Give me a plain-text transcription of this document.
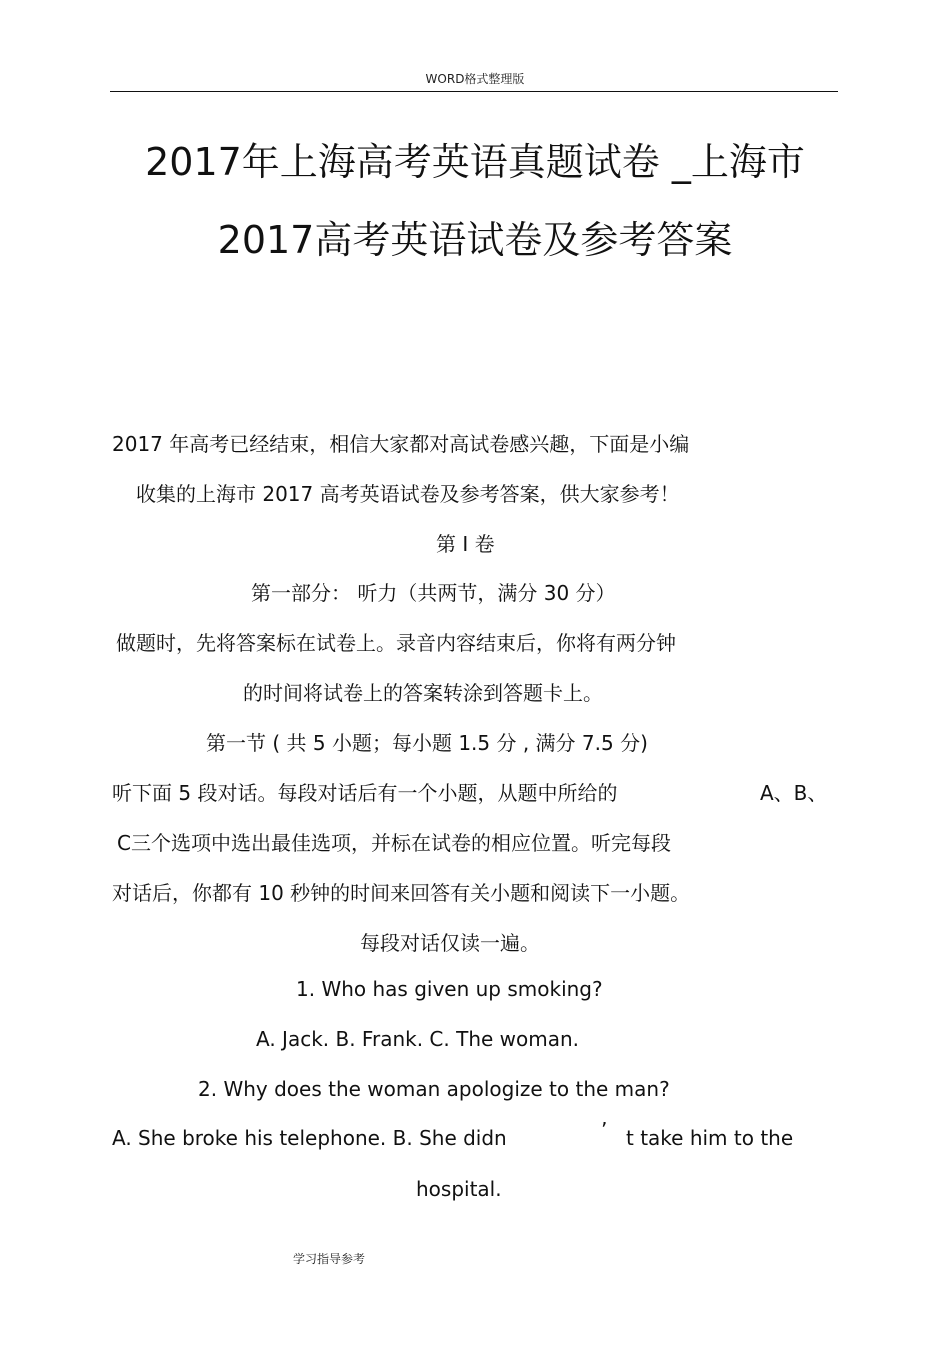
WORD格式整理版
2017年上海高考英语真题试卷 _上海市
2017高考英语试卷及参考答案
2017 年高考已经结束，相信大家都对高试卷感兴趣，下面是小编
收集的上海市 2017 高考英语试卷及参考答案，供大家参考！
第 I 卷
第一部分： 听力（共两节，满分 30 分）
做题时，先将答案标在试卷上。录音内容结束后，你将有两分钟
的时间将试卷上的答案转涂到答题卡上。
第一节 ( 共 5 小题；每小题 1.5 分 , 满分 7.5 分)
听下面 5 段对话。每段对话后有一个小题，从题中所给的	A、B、
C三个选项中选出最佳选项，并标在试卷的相应位置。听完每段
对话后，你都有 10 秒钟的时间来回答有关小题和阅读下一小题。
每段对话仅读一遍。
1. Who has given up smoking?
A. Jack. B. Frank. C. The woman.
2. Why does the woman apologize to the man?
A. She broke his telephone. B. She didn	’ t take him to the
hospital.
学习指导参考
